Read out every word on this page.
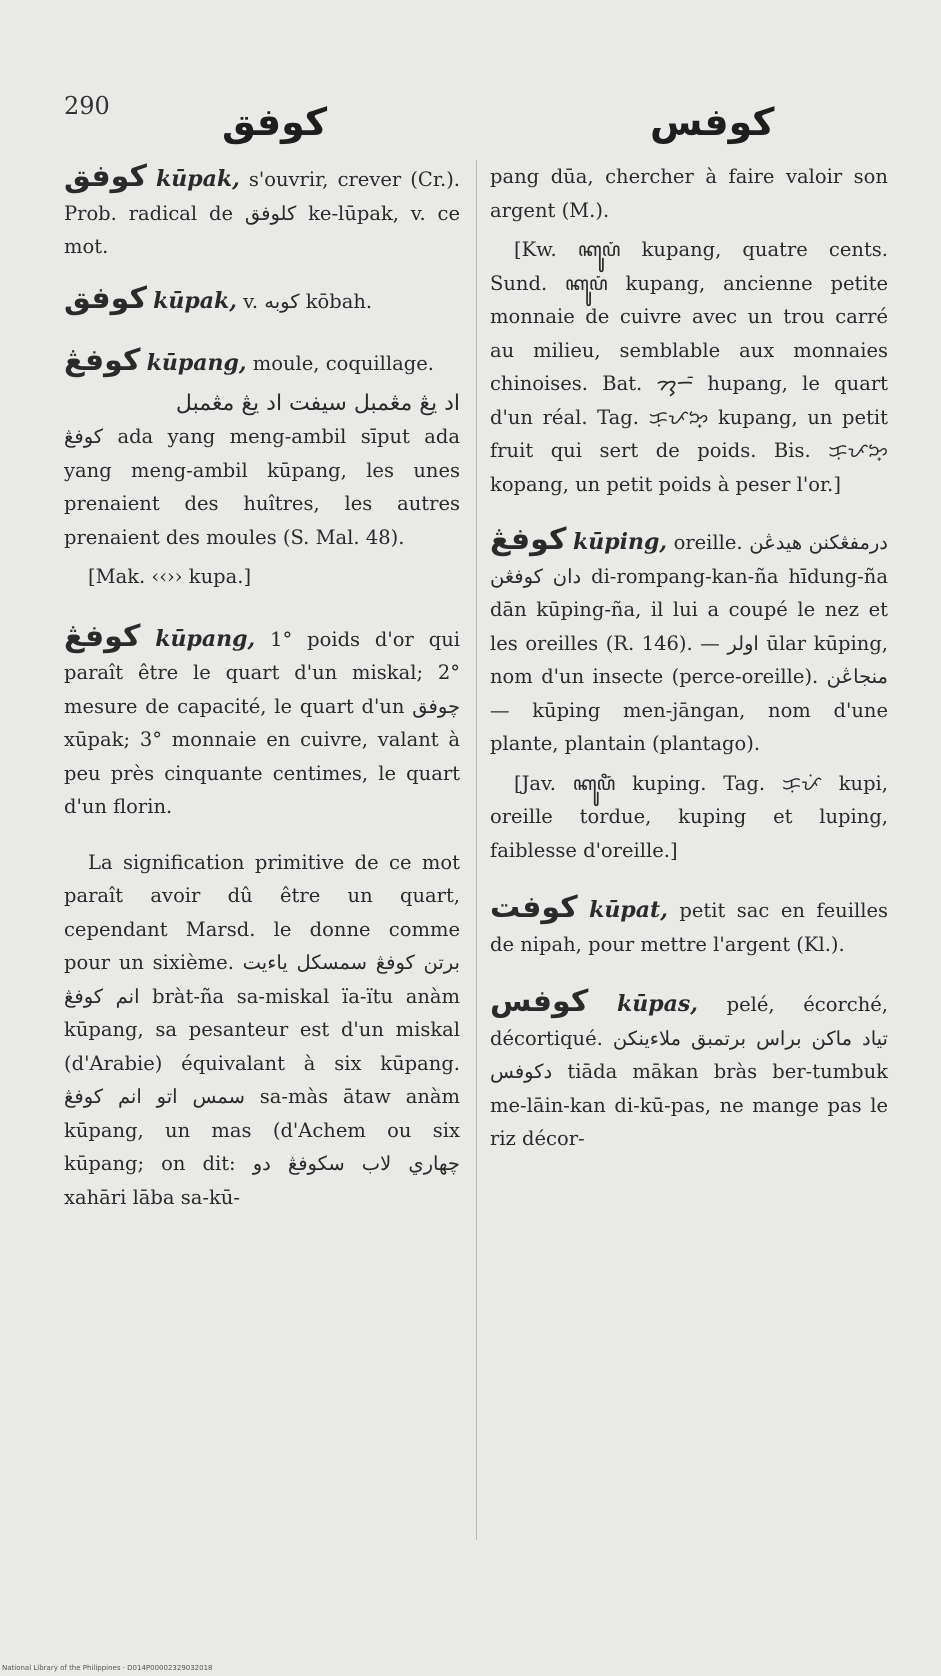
290	كوفق	كوفس
كوفق kūpak, s'ouvrir, crever (Cr.). Prob. radical de كلوفق ke-lūpak, v. ce mot.
كوفق kūpak, v. كوبه kōbah.
كوفڠ kūpang, moule, coquillage.
اد يڠ مڠمبل سيفت اد يڠ مڠمبل
كوفڠ ada yang meng-ambil sīput ada yang meng-ambil kūpang, les unes prenaient des huîtres, les autres prenaient des moules (S. Mal. 48).
[Mak. ‹‹›› kupa.]
كوفڠ kūpang, 1° poids d'or qui paraît être le quart d'un miskal; 2° mesure de capacité, le quart d'un چوفق xūpak; 3° monnaie en cuivre, valant à peu près cinquante centimes, le quart d'un florin.
La signification primitive de ce mot paraît avoir dû être un quart, cependant Marsd. le donne comme pour un sixième. برتن كوفڠ سمسكل ياءيت انم كوفڠ bràt-ña sa-miskal ïa-ïtu anàm kūpang, sa pesanteur est d'un miskal (d'Arabie) équivalant à six kūpang. سمس اتو انم كوفڠ sa-màs ātaw anàm kūpang, un mas (d'Achem ou six kūpang; on dit: چهاري لاب سكوفڠ دو xahāri lāba sa-kū-
pang dūa, chercher à faire valoir son argent (M.).
[Kw. ꦏꦸꦥꦁ kupang, quatre cents. Sund. ꦏꦸꦥꦁ kupang, ancienne petite monnaie de cuivre avec un trou carré au milieu, semblable aux monnaies chinoises. Bat. ᯂᯮᯇᯰ hupang, le quart d'un réal. Tag. ᜃᜓᜉᜅ᜔ kupang, un petit fruit qui sert de poids. Bis. ᜃᜓᜉᜅ᜔ kopang, un petit poids à peser l'or.]
كوفڠ kūping, oreille. درمفڠكنن هيدڠن دان كوفڠن di-rompang-kan-ña hīdung-ña dān kūping-ña, il lui a coupé le nez et les oreilles (R. 146). — اولر ūlar kūping, nom d'un insecte (perce-oreille). منجاڠن — kūping men-jāngan, nom d'une plante, plantain (plantago).
[Jav. ꦏꦸꦥꦶꦁ kuping. Tag. ᜃᜓᜉᜒ kupi, oreille tordue, kuping et luping, faiblesse d'oreille.]
كوفت kūpat, petit sac en feuilles de nipah, pour mettre l'argent (Kl.).
كوفس kūpas, pelé, écorché, décortiqué. تياد ماكن براس برتمبق ملاءينكن دكوفس tiāda mākan bràs ber-tumbuk me-lāin-kan di-kū-pas, ne mange pas le riz décor-
National Library of the Philippines · D014P00002329032018
